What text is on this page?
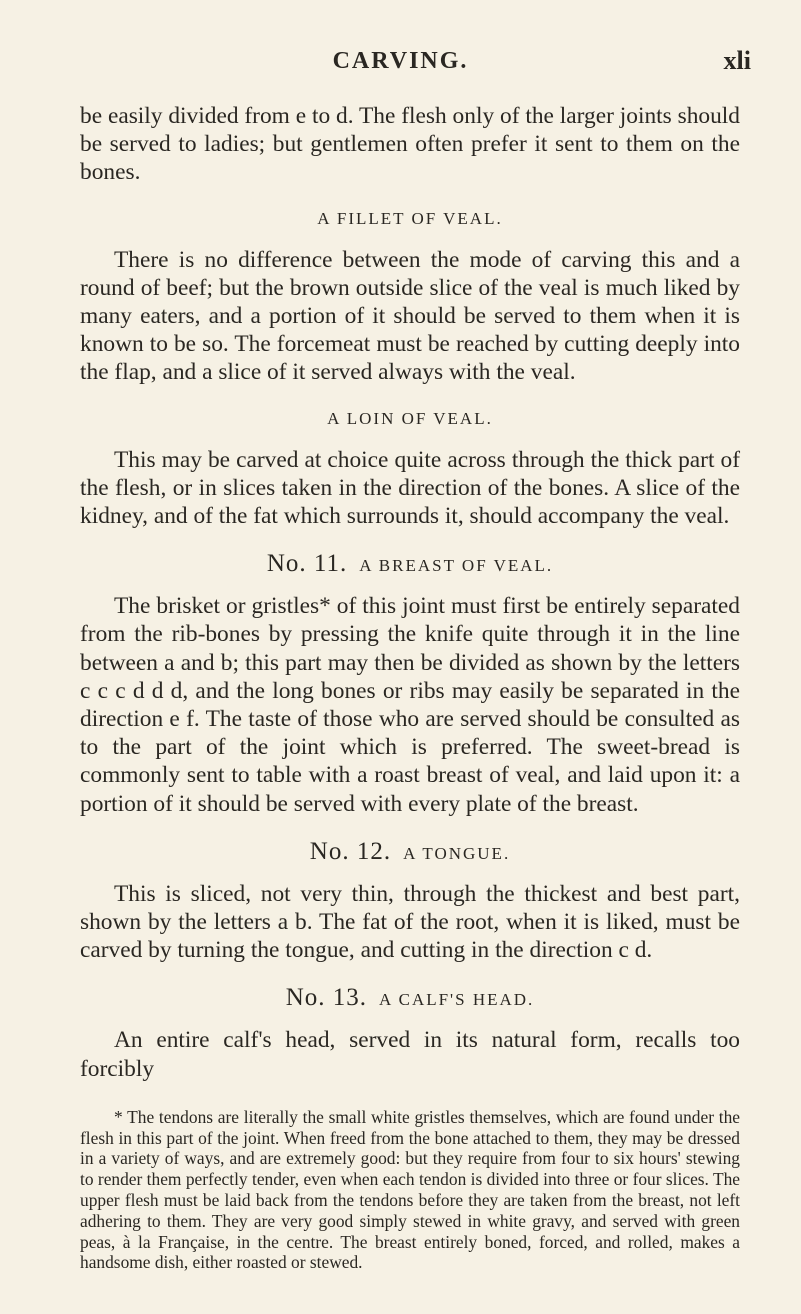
CARVING.	xli

be easily divided from e to d. The flesh only of the larger joints should be served to ladies; but gentlemen often prefer it sent to them on the bones.

A FILLET OF VEAL.

There is no difference between the mode of carving this and a round of beef; but the brown outside slice of the veal is much liked by many eaters, and a portion of it should be served to them when it is known to be so. The forcemeat must be reached by cutting deeply into the flap, and a slice of it served always with the veal.

A LOIN OF VEAL.

This may be carved at choice quite across through the thick part of the flesh, or in slices taken in the direction of the bones. A slice of the kidney, and of the fat which surrounds it, should accompany the veal.

No. 11. A BREAST OF VEAL.

The brisket or gristles* of this joint must first be entirely separated from the rib-bones by pressing the knife quite through it in the line between a and b; this part may then be divided as shown by the letters c c c d d d, and the long bones or ribs may easily be separated in the direction e f. The taste of those who are served should be consulted as to the part of the joint which is preferred. The sweet-bread is commonly sent to table with a roast breast of veal, and laid upon it: a portion of it should be served with every plate of the breast.

No. 12. A TONGUE.

This is sliced, not very thin, through the thickest and best part, shown by the letters a b. The fat of the root, when it is liked, must be carved by turning the tongue, and cutting in the direction c d.

No. 13. A CALF'S HEAD.

An entire calf's head, served in its natural form, recalls too forcibly

* The tendons are literally the small white gristles themselves, which are found under the flesh in this part of the joint. When freed from the bone attached to them, they may be dressed in a variety of ways, and are extremely good: but they require from four to six hours' stewing to render them perfectly tender, even when each tendon is divided into three or four slices. The upper flesh must be laid back from the tendons before they are taken from the breast, not left adhering to them. They are very good simply stewed in white gravy, and served with green peas, à la Française, in the centre. The breast entirely boned, forced, and rolled, makes a handsome dish, either roasted or stewed.
